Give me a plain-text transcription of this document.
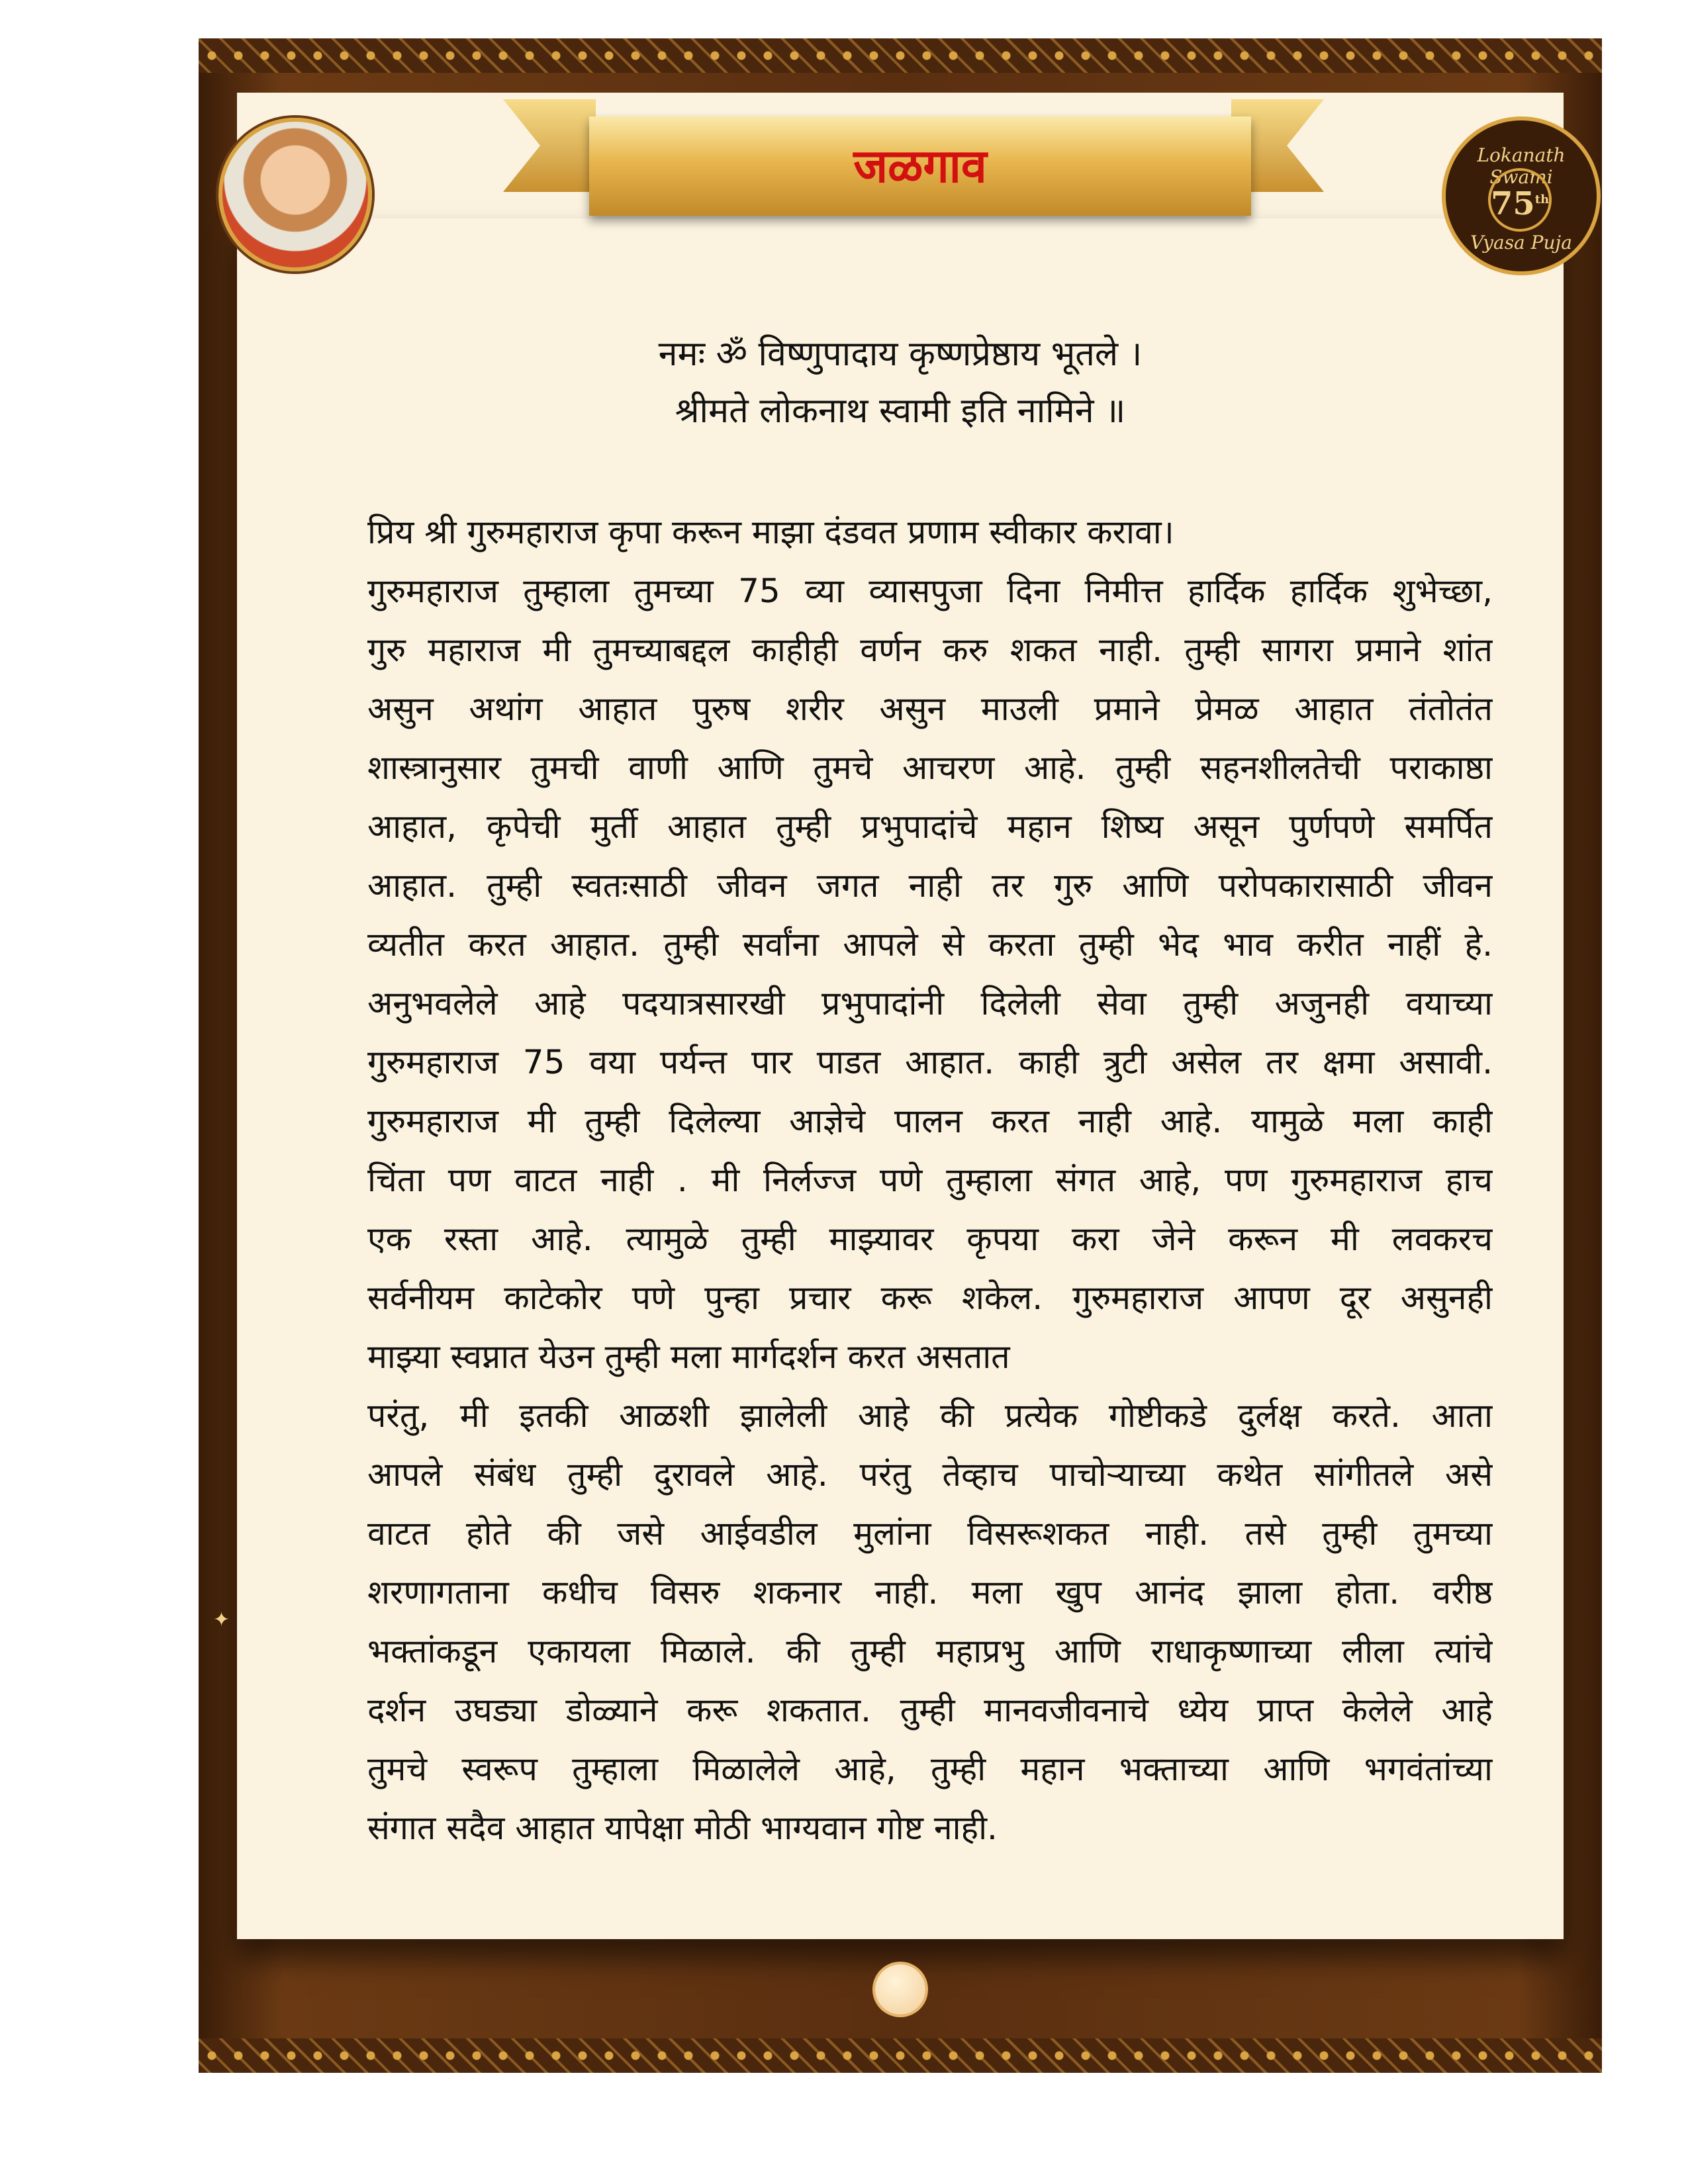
Lokanath Swami
75th
Vyasa Puja
जळगाव
नमः ॐ विष्णुपादाय कृष्णप्रेष्ठाय भूतले ।
श्रीमते लोकनाथ स्वामी इति नामिने ॥
प्रिय श्री गुरुमहाराज कृपा करून माझा दंडवत प्रणाम स्वीकार करावा।
गुरुमहाराज तुम्हाला तुमच्या 75 व्या व्यासपुजा दिना निमीत्त हार्दिक हार्दिक शुभेच्छा,
गुरु महाराज मी तुमच्याबद्दल काहीही वर्णन करु शकत नाही. तुम्ही सागरा प्रमाने शांत
असुन अथांग आहात पुरुष शरीर असुन माउली प्रमाने प्रेमळ आहात तंतोतंत
शास्त्रानुसार तुमची वाणी आणि तुमचे आचरण आहे. तुम्ही सहनशीलतेची पराकाष्ठा
आहात, कृपेची मुर्ती आहात तुम्ही प्रभुपादांचे महान शिष्य असून पुर्णपणे समर्पित
आहात. तुम्ही स्वतःसाठी जीवन जगत नाही तर गुरु आणि परोपकारासाठी जीवन
व्यतीत करत आहात. तुम्ही सर्वांना आपले से करता तुम्ही भेद भाव करीत नाहीं हे.
अनुभवलेले आहे पदयात्रसारखी प्रभुपादांनी दिलेली सेवा तुम्ही अजुनही वयाच्या
गुरुमहाराज 75 वया पर्यन्त पार पाडत आहात. काही त्रुटी असेल तर क्षमा असावी.
गुरुमहाराज मी तुम्ही दिलेल्या आज्ञेचे पालन करत नाही आहे. यामुळे मला काही
चिंता पण वाटत नाही . मी निर्लज्ज पणे तुम्हाला संगत आहे, पण गुरुमहाराज हाच
एक रस्ता आहे. त्यामुळे तुम्ही माझ्यावर कृपया करा जेने करून मी लवकरच
सर्वनीयम काटेकोर पणे पुन्हा प्रचार करू शकेल. गुरुमहाराज आपण दूर असुनही
माझ्या स्वप्नात येउन तुम्ही मला मार्गदर्शन करत असतात
परंतु, मी इतकी आळशी झालेली आहे की प्रत्येक गोष्टीकडे दुर्लक्ष करते. आता
आपले संबंध तुम्ही दुरावले आहे. परंतु तेव्हाच पाचोऱ्याच्या कथेत सांगीतले असे
वाटत होते की जसे आईवडील मुलांना विसरूशकत नाही. तसे तुम्ही तुमच्या
शरणागताना कधीच विसरु शकनार नाही. मला खुप आनंद झाला होता. वरीष्ठ
भक्तांकडून एकायला मिळाले. की तुम्ही महाप्रभु आणि राधाकृष्णाच्या लीला त्यांचे
दर्शन उघड्या डोळ्याने करू शकतात. तुम्ही मानवजीवनाचे ध्येय प्राप्त केलेले आहे
तुमचे स्वरूप तुम्हाला मिळालेले आहे, तुम्ही महान भक्ताच्या आणि भगवंतांच्या
संगात सदैव आहात यापेक्षा मोठी भाग्यवान गोष्ट नाही.
✦
